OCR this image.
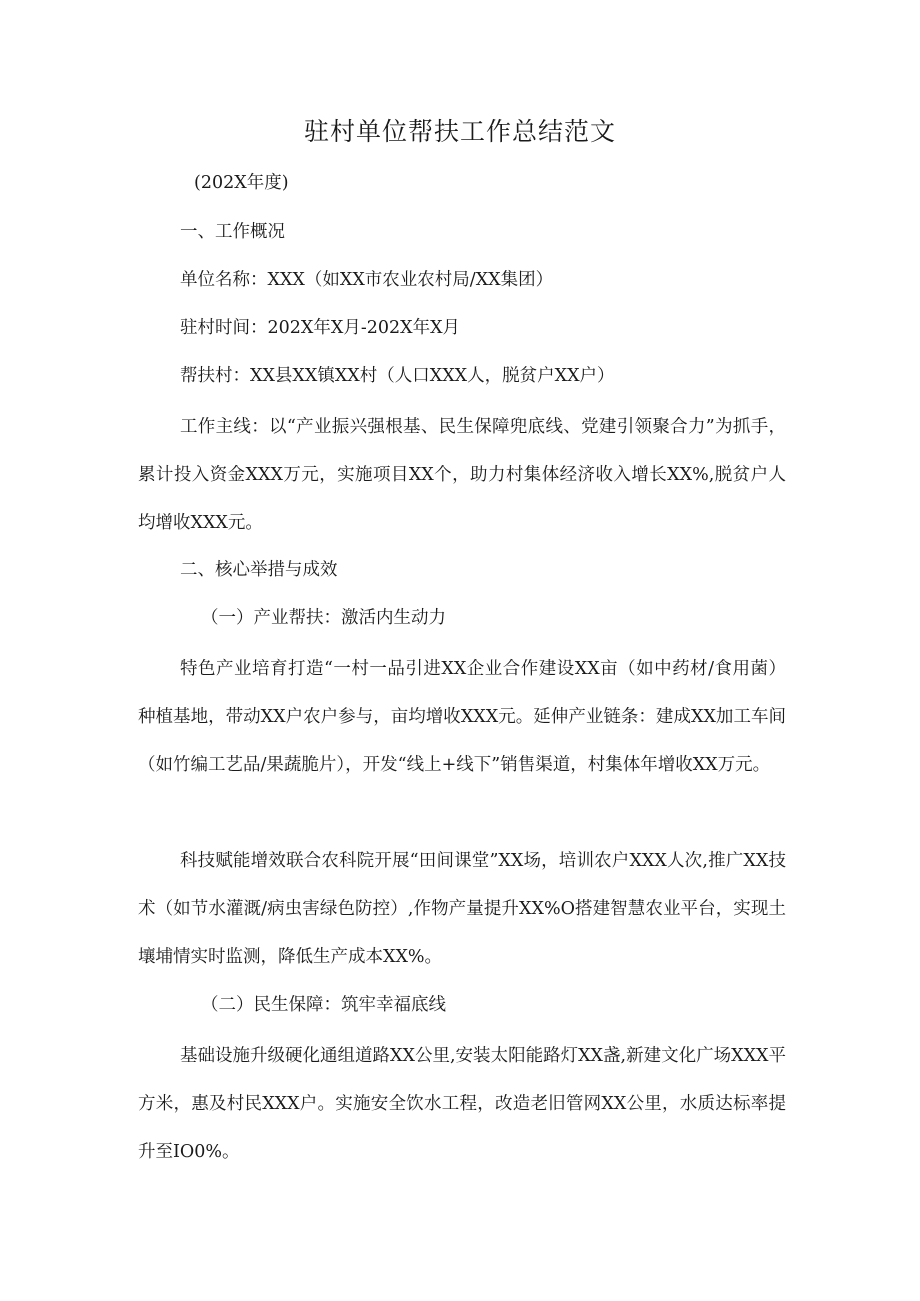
驻村单位帮扶工作总结范文
(202X年度)
一、工作概况
单位名称：XXX（如XX市农业农村局/XX集团）
驻村时间：202X年X月-202X年X月
帮扶村：XX县XX镇XX村（人口XXX人，脱贫户XX户）

工作主线：以“产业振兴强根基、民生保障兜底线、党建引领聚合力”为抓手，累计投入资金XXX万元，实施项目XX个，助力村集体经济收入增长XX%,脱贫户人均增收XXX元。

二、核心举措与成效
（一）产业帮扶：激活内生动力

特色产业培育打造“一村一品引进XX企业合作建设XX亩（如中药材/食用菌）种植基地，带动XX户农户参与，亩均增收XXX元。延伸产业链条：建成XX加工车间（如竹编工艺品/果蔬脆片），开发“线上+线下”销售渠道，村集体年增收XX万元。

科技赋能增效联合农科院开展“田间课堂”XX场，培训农户XXX人次,推广XX技术（如节水灌溉/病虫害绿色防控）,作物产量提升XX%O搭建智慧农业平台，实现土壤埔情实时监测，降低生产成本XX%。

（二）民生保障：筑牢幸福底线

基础设施升级硬化通组道路XX公里,安装太阳能路灯XX盏,新建文化广场XXX平方米，惠及村民XXX户。实施安全饮水工程，改造老旧管网XX公里，水质达标率提升至IO0%。
